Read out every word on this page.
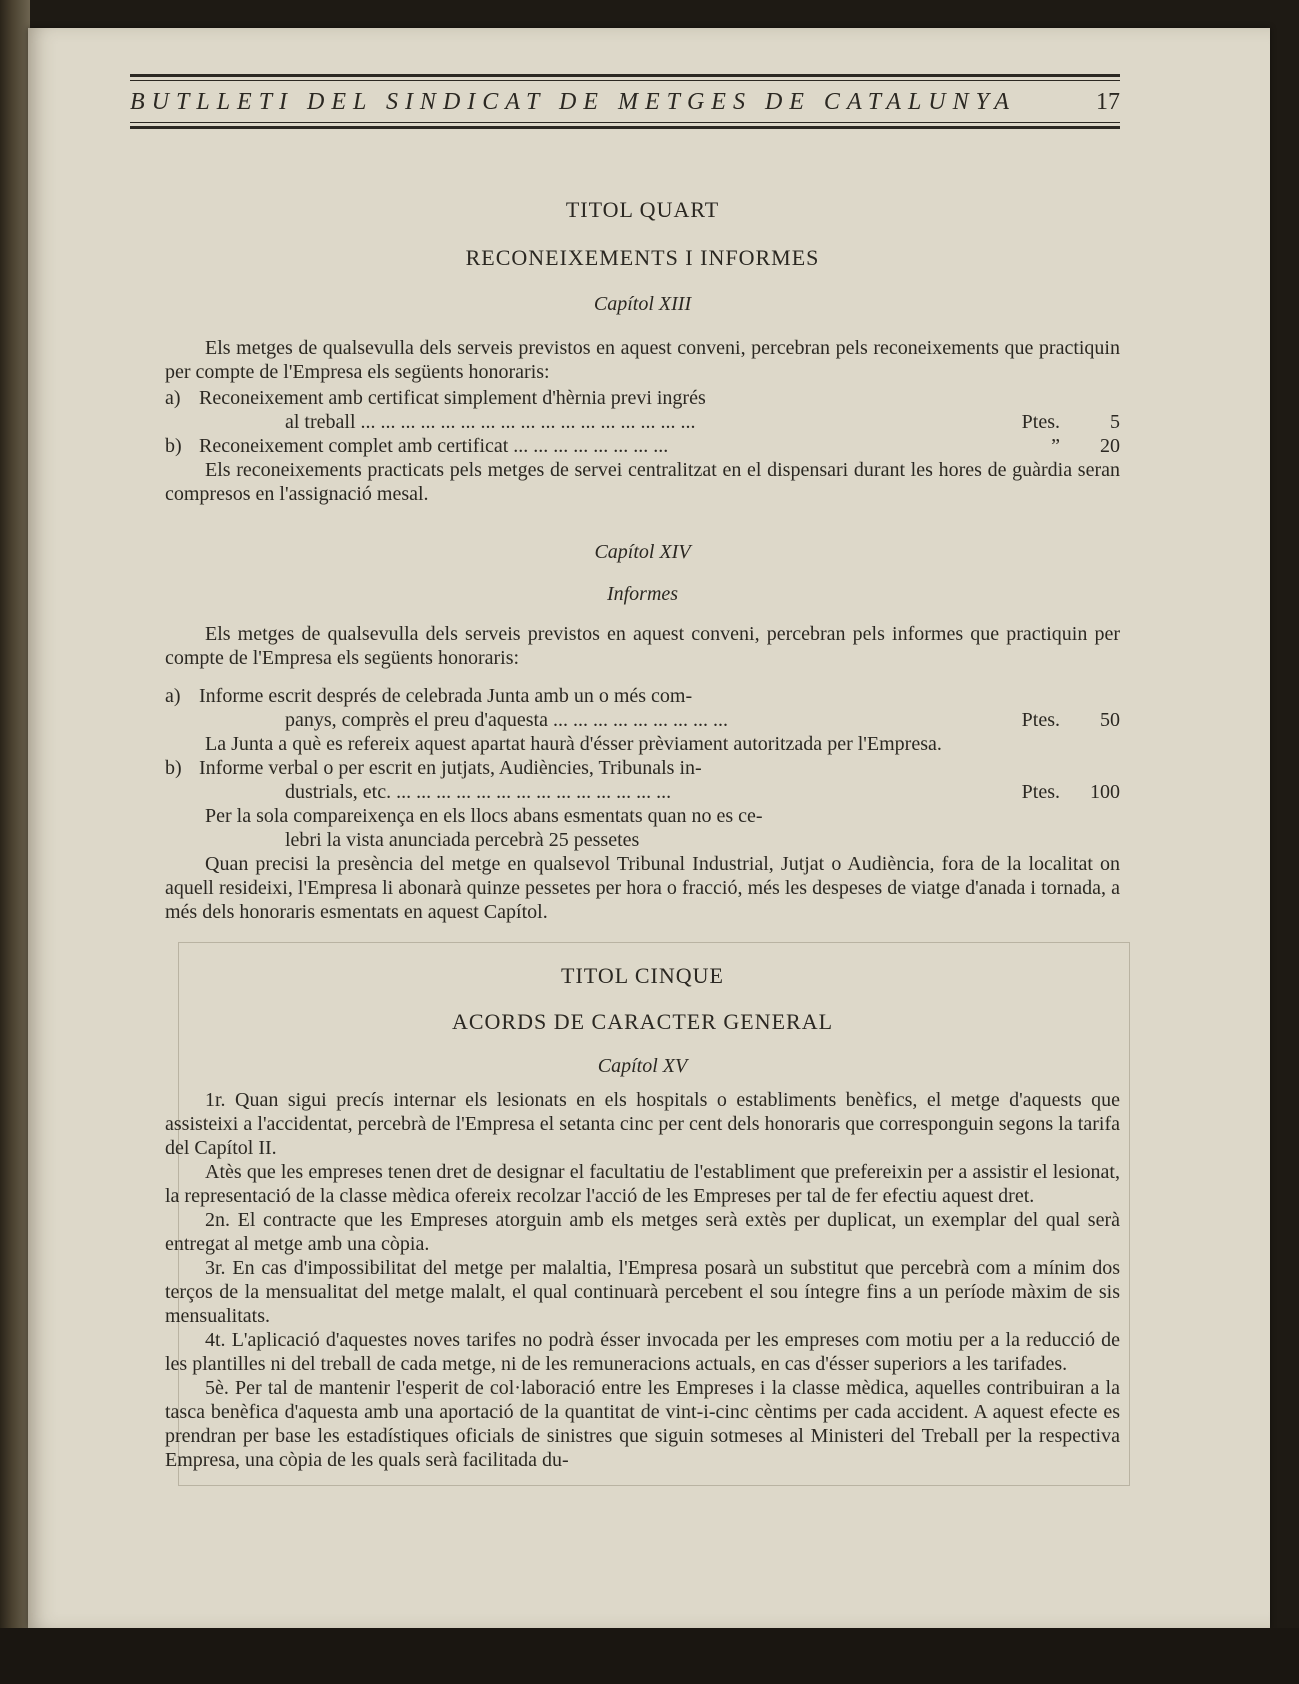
BUTLLETI DEL SINDICAT DE METGES DE CATALUNYA	17
TITOL QUART
RECONEIXEMENTS I INFORMES
Capítol XIII

Els metges de qualsevulla dels serveis previstos en aquest conveni, percebran pels reconeixements que practiquin per compte de l'Empresa els següents honoraris:

a) Reconeixement amb certificat simplement d'hèrnia previ ingrés
al treball ... ... ... ... ... ... ... ... ... ... ... ... ... ... ... ... ...	Ptes.	5
b) Reconeixement complet amb certificat ... ... ... ... ... ... ... ...	”	20

Els reconeixements practicats pels metges de servei centralitzat en el dispensari durant les hores de guàrdia seran compresos en l'assignació mesal.

Capítol XIV
Informes

Els metges de qualsevulla dels serveis previstos en aquest conveni, percebran pels informes que practiquin per compte de l'Empresa els següents honoraris:

a) Informe escrit després de celebrada Junta amb un o més com-
panys, comprès el preu d'aquesta ... ... ... ... ... ... ... ... ...	Ptes.	50

La Junta a què es refereix aquest apartat haurà d'ésser prèviament autoritzada per l'Empresa.

b) Informe verbal o per escrit en jutjats, Audiències, Tribunals in-
dustrials, etc. ... ... ... ... ... ... ... ... ... ... ... ... ... ...	Ptes.	100

Per la sola compareixença en els llocs abans esmentats quan no es ce-

lebri la vista anunciada percebrà 25 pessetes

Quan precisi la presència del metge en qualsevol Tribunal Industrial, Jutjat o Audiència, fora de la localitat on aquell resideixi, l'Empresa li abonarà quinze pessetes per hora o fracció, més les despeses de viatge d'anada i tornada, a més dels honoraris esmentats en aquest Capítol.

TITOL CINQUE
ACORDS DE CARACTER GENERAL
Capítol XV

1r. Quan sigui precís internar els lesionats en els hospitals o establiments benèfics, el metge d'aquests que assisteixi a l'accidentat, percebrà de l'Empresa el setanta cinc per cent dels honoraris que corresponguin segons la tarifa del Capítol II.

Atès que les empreses tenen dret de designar el facultatiu de l'establiment que prefereixin per a assistir el lesionat, la representació de la classe mèdica ofereix recolzar l'acció de les Empreses per tal de fer efectiu aquest dret.

2n. El contracte que les Empreses atorguin amb els metges serà extès per duplicat, un exemplar del qual serà entregat al metge amb una còpia.

3r. En cas d'impossibilitat del metge per malaltia, l'Empresa posarà un substitut que percebrà com a mínim dos terços de la mensualitat del metge malalt, el qual continuarà percebent el sou íntegre fins a un període màxim de sis mensualitats.

4t. L'aplicació d'aquestes noves tarifes no podrà ésser invocada per les empreses com motiu per a la reducció de les plantilles ni del treball de cada metge, ni de les remuneracions actuals, en cas d'ésser superiors a les tarifades.

5è. Per tal de mantenir l'esperit de col·laboració entre les Empreses i la classe mèdica, aquelles contribuiran a la tasca benèfica d'aquesta amb una aportació de la quantitat de vint-i-cinc cèntims per cada accident. A aquest efecte es prendran per base les estadístiques oficials de sinistres que siguin sotmeses al Ministeri del Treball per la respectiva Empresa, una còpia de les quals serà facilitada du-
